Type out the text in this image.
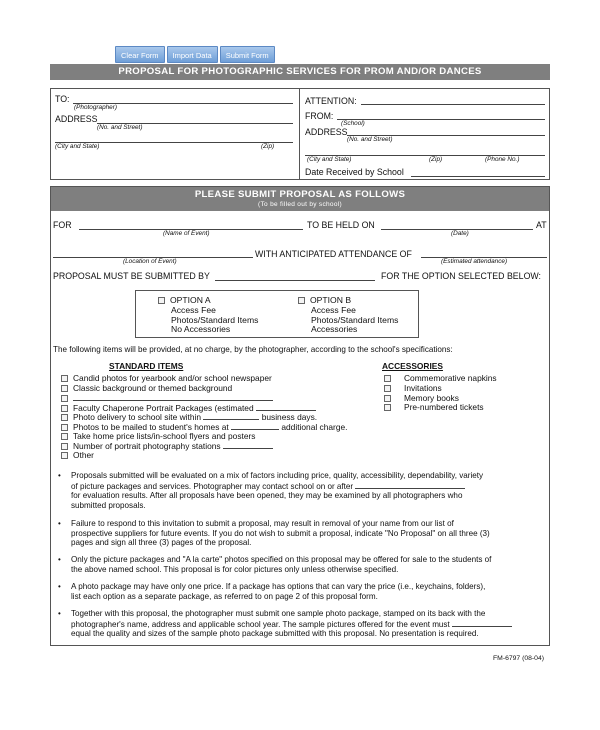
Clear Form	Import Data	Submit Form
PROPOSAL FOR PHOTOGRAPHIC SERVICES FOR PROM AND/OR DANCES
TO:
(Photographer)
ADDRESS
(No. and Street)
(City and State)	(Zip)
ATTENTION:
FROM:
(School)
ADDRESS
(No. and Street)
(City and State)	(Zip)	(Phone No.)
Date Received by School
PLEASE SUBMIT PROPOSAL AS FOLLOWS
(To be filled out by school)
FOR
(Name of Event)
TO BE HELD ON
(Date)
AT
(Location of Event)
WITH ANTICIPATED ATTENDANCE OF
(Estimated attendance)
PROPOSAL MUST BE SUBMITTED BY	FOR THE OPTION SELECTED BELOW:
OPTION A
Access Fee
Photos/Standard Items
No Accessories
OPTION B
Access Fee
Photos/Standard Items
Accessories
The following items will be provided, at no charge, by the photographer, according to the school's specifications:
STANDARD ITEMS
Candid photos for yearbook and/or school newspaper
Classic background or themed background
Faculty Chaperone Portrait Packages (estimated
Photo delivery to school site within	business days.
Photos to be mailed to student's homes at	additional charge.
Take home price lists/in-school flyers and posters
Number of portrait photography stations
Other
ACCESSORIES
Commemorative napkins
Invitations
Memory books
Pre-numbered tickets
• Proposals submitted will be evaluated on a mix of factors including price, quality, accessibility, dependability, variety
of picture packages and services. Photographer may contact school on or after
for evaluation results. After all proposals have been opened, they may be examined by all photographers who
submitted proposals.
• Failure to respond to this invitation to submit a proposal, may result in removal of your name from our list of
prospective suppliers for future events. If you do not wish to submit a proposal, indicate "No Proposal" on all three (3)
pages and sign all three (3) pages of the proposal.
• Only the picture packages and "A la carte" photos specified on this proposal may be offered for sale to the students of
the above named school. This proposal is for color pictures only unless otherwise specified.
• A photo package may have only one price. If a package has options that can vary the price (i.e., keychains, folders),
list each option as a separate package, as referred to on page 2 of this proposal form.
• Together with this proposal, the photographer must submit one sample photo package, stamped on its back with the
photographer's name, address and applicable school year. The sample pictures offered for the event must
equal the quality and sizes of the sample photo package submitted with this proposal. No presentation is required.
FM-6797 (08-04)
